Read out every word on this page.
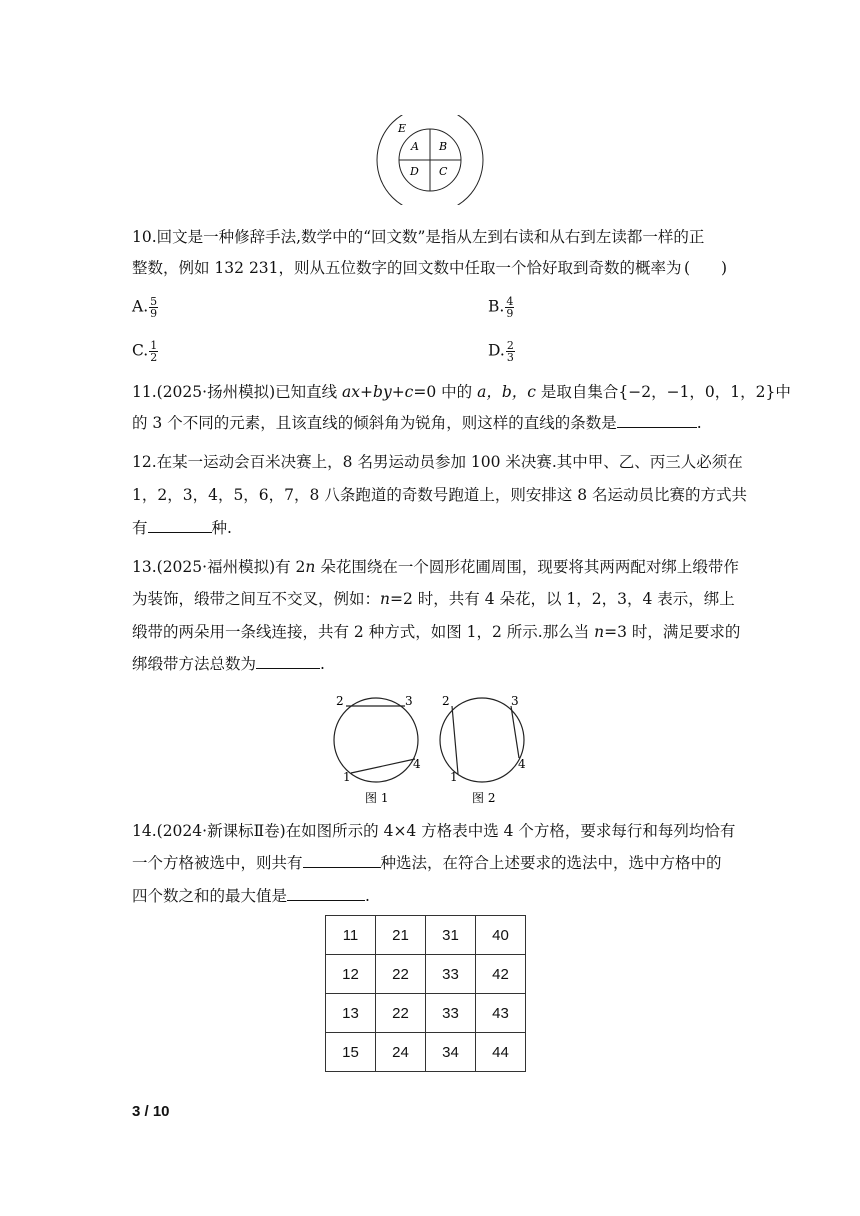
E
A B
D C
10.回文是一种修辞手法,数学中的“回文数”是指从左到右读和从右到左读都一样的正
整数，例如 132 231，则从五位数字的回文数中任取一个恰好取到奇数的概率为 (　　)
A. $\frac{5}{9}$	B. $\frac{4}{9}$
C. $\frac{1}{2}$	D. $\frac{2}{3}$
11.(2025·扬州模拟)已知直线 ax+by+c=0 中的 a，b，c 是取自集合{−2，−1，0，1，2}中
的 3 个不同的元素，且该直线的倾斜角为锐角，则这样的直线的条数是	.
12.在某一运动会百米决赛上，8 名男运动员参加 100 米决赛.其中甲、乙、丙三人必须在
1，2，3，4，5，6，7，8 八条跑道的奇数号跑道上，则安排这 8 名运动员比赛的方式共
有	种.
13.(2025·福州模拟)有 2n 朵花围绕在一个圆形花圃周围，现要将其两两配对绑上缎带作
为装饰，缎带之间互不交叉，例如：n=2 时，共有 4 朵花，以 1，2，3，4 表示，绑上
缎带的两朵用一条线连接，共有 2 种方式，如图 1，2 所示.那么当 n=3 时，满足要求的
绑缎带方法总数为	.
2	3
1
4
图 1
2	3
1
4
图 2
14.(2024·新课标Ⅱ卷)在如图所示的 4×4 方格表中选 4 个方格，要求每行和每列均恰有
一个方格被选中，则共有	种选法，在符合上述要求的选法中，选中方格中的
四个数之和的最大值是	.
11	21	31	40
12	22	33	42
13	22	33	43
15	24	34	44
3 / 10
